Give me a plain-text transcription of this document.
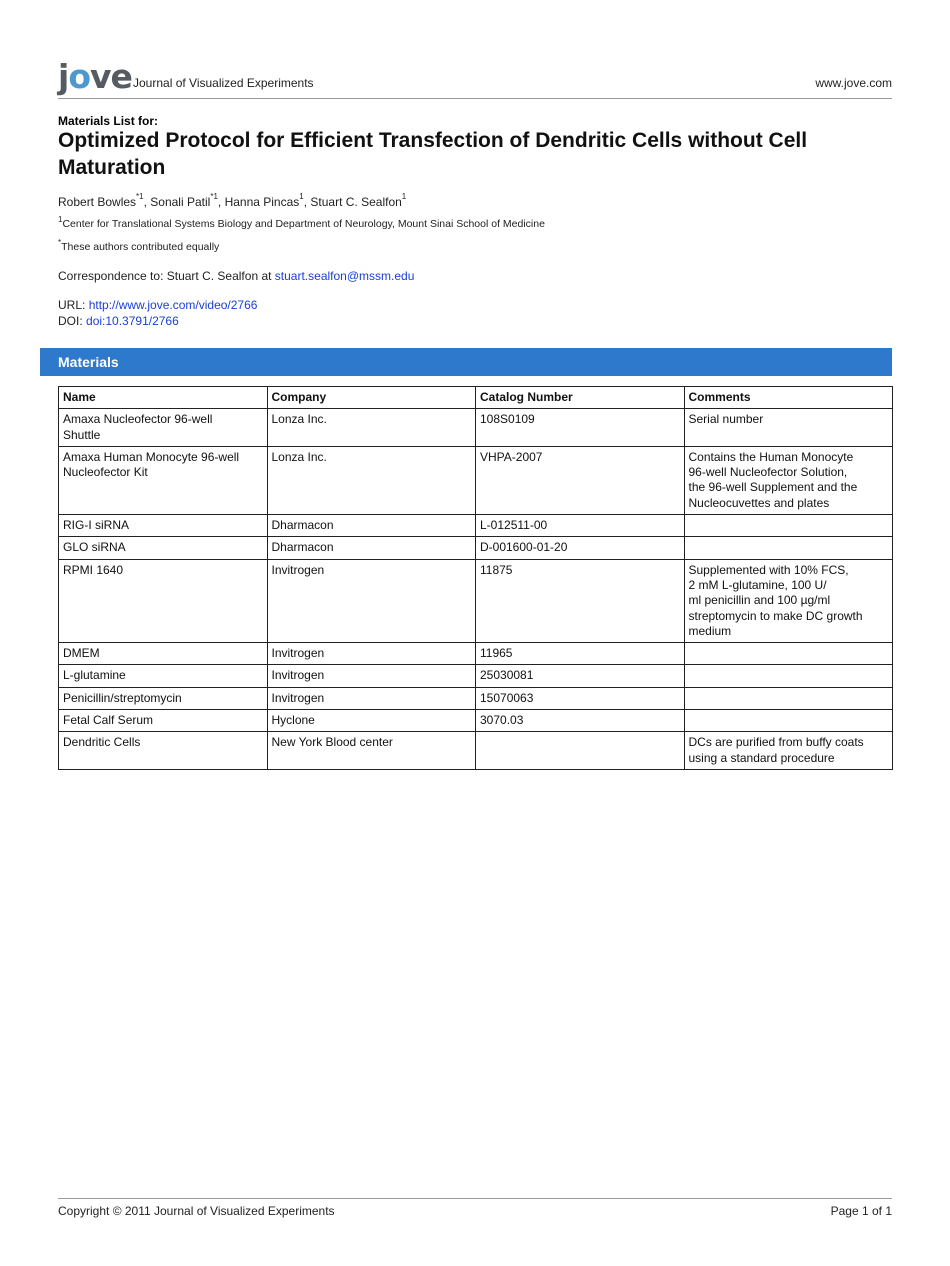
jove Journal of Visualized Experiments	www.jove.com
Materials List for:
Optimized Protocol for Efficient Transfection of Dendritic Cells without Cell Maturation
Robert Bowles$^{*1}$, Sonali Patil$^{*1}$, Hanna Pincas$^1$, Stuart C. Sealfon$^1$
$^1$Center for Translational Systems Biology and Department of Neurology, Mount Sinai School of Medicine
*These authors contributed equally
Correspondence to: Stuart C. Sealfon at stuart.sealfon@mssm.edu
URL: http://www.jove.com/video/2766
DOI: doi:10.3791/2766
Materials
Name	Company	Catalog Number	Comments
Amaxa Nucleofector 96-well
Shuttle	Lonza Inc.	108S0109	Serial number
Amaxa Human Monocyte 96-well
Nucleofector Kit	Lonza Inc.	VHPA-2007	Contains the Human Monocyte
96-well Nucleofector Solution,
the 96-well Supplement and the
Nucleocuvettes and plates
RIG-I siRNA	Dharmacon	L-012511-00	
GLO siRNA	Dharmacon	D-001600-01-20	
RPMI 1640	Invitrogen	11875	Supplemented with 10% FCS,
2 mM L-glutamine, 100 U/
ml penicillin and 100 µg/ml
streptomycin to make DC growth
medium
DMEM	Invitrogen	11965	
L-glutamine	Invitrogen	25030081	
Penicillin/streptomycin	Invitrogen	15070063	
Fetal Calf Serum	Hyclone	3070.03	
Dendritic Cells	New York Blood center		DCs are purified from buffy coats
using a standard procedure
Copyright © 2011 Journal of Visualized Experiments	Page 1 of 1
